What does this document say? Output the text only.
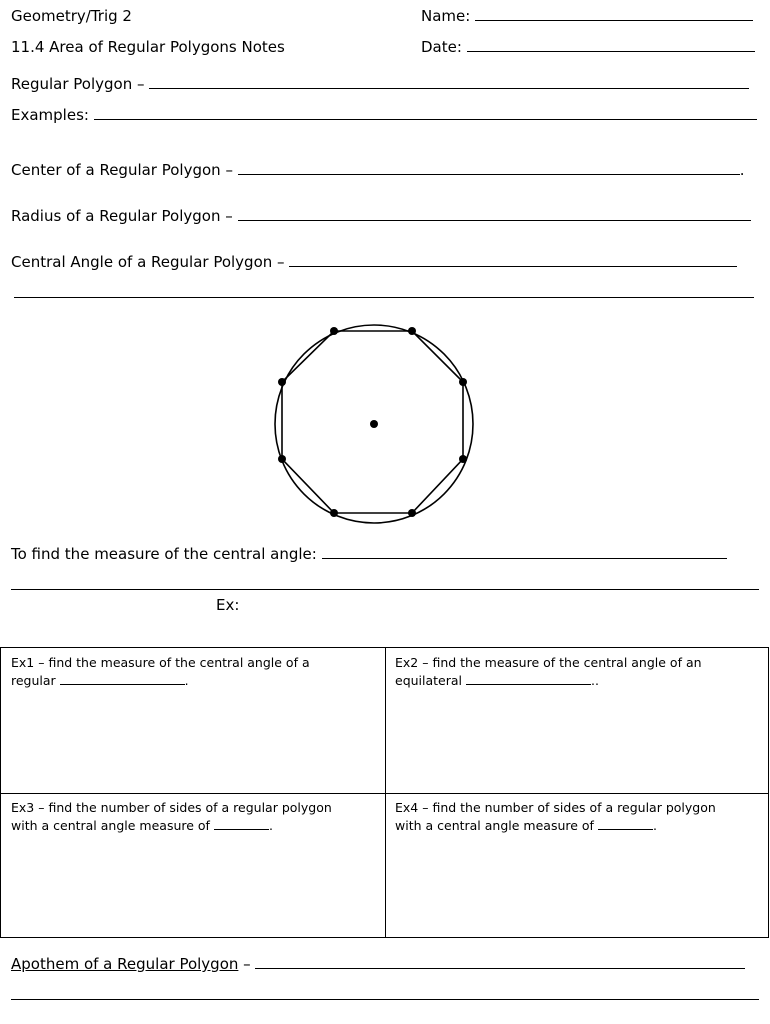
Geometry/Trig 2
11.4 Area of Regular Polygons Notes
Name:
Date:
Regular Polygon –
Examples:
Center of a Regular Polygon –	.
Radius of a Regular Polygon –
Central Angle of a Regular Polygon –
To find the measure of the central angle:
Ex:
Ex1 – find the measure of the central angle of a
regular	.
Ex2 – find the measure of the central angle of an
equilateral	..
Ex3 – find the number of sides of a regular polygon
with a central angle measure of	.
Ex4 – find the number of sides of a regular polygon
with a central angle measure of	.
Apothem of a Regular Polygon –
